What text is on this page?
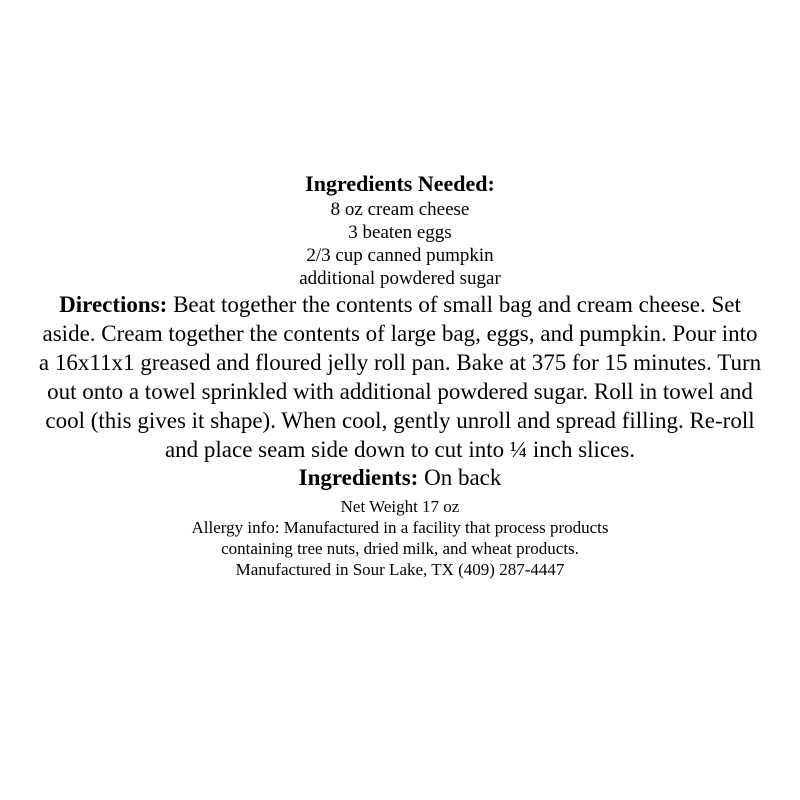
Ingredients Needed:
8 oz cream cheese
3 beaten eggs
2/3 cup canned pumpkin
additional powdered sugar
Directions: Beat together the contents of small bag and cream cheese. Set aside. Cream together the contents of large bag, eggs, and pumpkin. Pour into a 16x11x1 greased and floured jelly roll pan. Bake at 375 for 15 minutes. Turn out onto a towel sprinkled with additional powdered sugar. Roll in towel and cool (this gives it shape). When cool, gently unroll and spread filling. Re-roll and place seam side down to cut into ¼ inch slices.
Ingredients: On back
Net Weight 17 oz
Allergy info: Manufactured in a facility that process products
containing tree nuts, dried milk, and wheat products.
Manufactured in Sour Lake, TX (409) 287-4447
